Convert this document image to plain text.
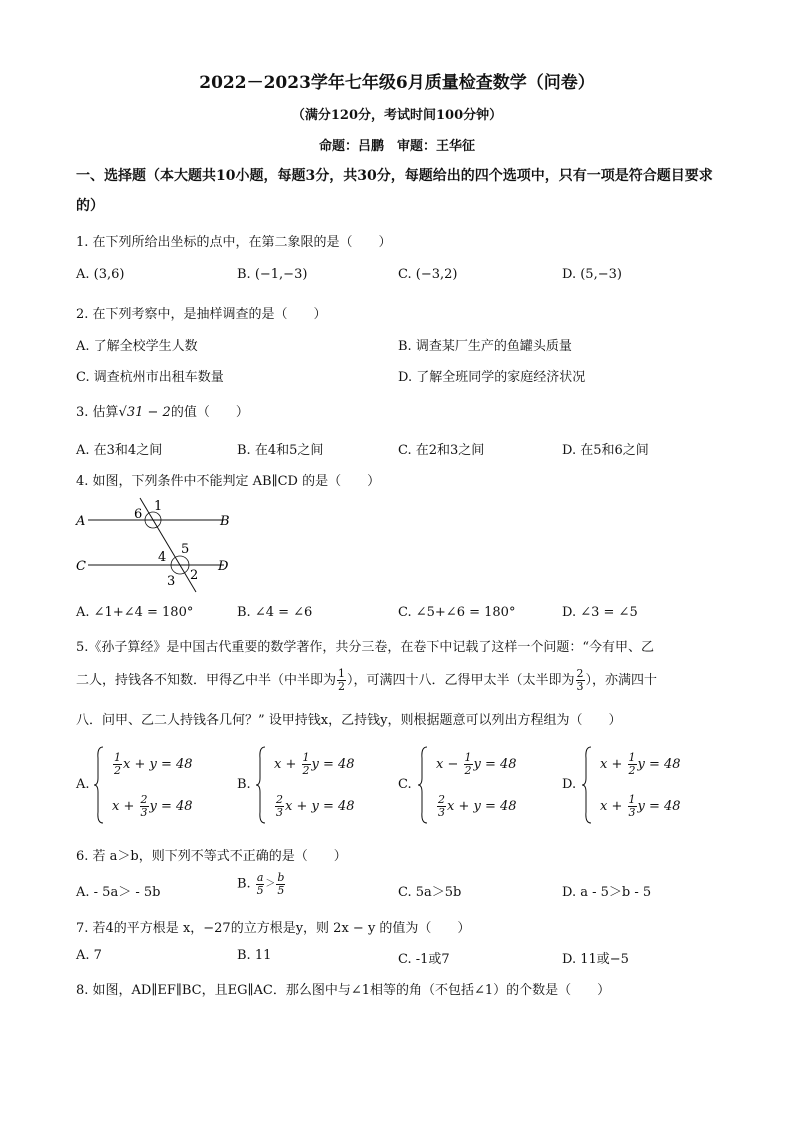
2022－2023学年七年级6月质量检查数学（问卷）
（满分120分，考试时间100分钟）
命题：吕鹏　审题：王华征
一、选择题（本大题共10小题，每题3分，共30分，每题给出的四个选项中，只有一项是符合题目要求的）
1. 在下列所给出坐标的点中，在第二象限的是（　　）
A. (3,6)	B. (−1,−3)	C. (−3,2)	D. (5,−3)
2. 在下列考察中，是抽样调查的是（　　）
A. 了解全校学生人数	B. 调查某厂生产的鱼罐头质量
C. 调查杭州市出租车数量	D. 了解全班同学的家庭经济状况
3. 估算√31 − 2的值（　　）
A. 在3和4之间	B. 在4和5之间	C. 在2和3之间	D. 在5和6之间
4. 如图，下列条件中不能判定 AB∥CD 的是（　　）
A	B
C	D
6
1
4
5
3 2
A. ∠1+∠4 = 180°	B. ∠4 = ∠6	C. ∠5+∠6 = 180°	D. ∠3 = ∠5
5.《孙子算经》是中国古代重要的数学著作，共分三卷，在卷下中记载了这样一个问题：“今有甲、乙
二人，持钱各不知数．甲得乙中半（中半即为 $\frac{1}{2}$ ），可满四十八．乙得甲太半（太半即为 $\frac{2}{3}$ ），亦满四十
八．问甲、乙二人持钱各几何？” 设甲持钱x，乙持钱y，则根据题意可以列出方程组为（　　）
A.
$\frac{1}{2}$ x + y = 48
$x + \frac{2}{3}$ y = 48
B.
$x + \frac{1}{2}$ y = 48
$\frac{2}{3}$ x + y = 48
C.
$x - \frac{1}{2}$ y = 48
$\frac{2}{3}$ x + y = 48
D.
$x + \frac{1}{2}$ y = 48
$x + \frac{1}{3}$ y = 48
6. 若 a＞b，则下列不等式不正确的是（　　）
A. - 5a＞ - 5b
B. $\frac{a}{5} > \frac{b}{5}$	C. 5a＞5b	D. a - 5＞b - 5
7. 若4的平方根是 x，−27的立方根是y，则 2x − y 的值为（　　）
A. 7	B. 11	C. -1或7	D. 11或−5
8. 如图，AD∥EF∥BC，且EG∥AC．那么图中与∠1相等的角（不包括∠1）的个数是（　　）
